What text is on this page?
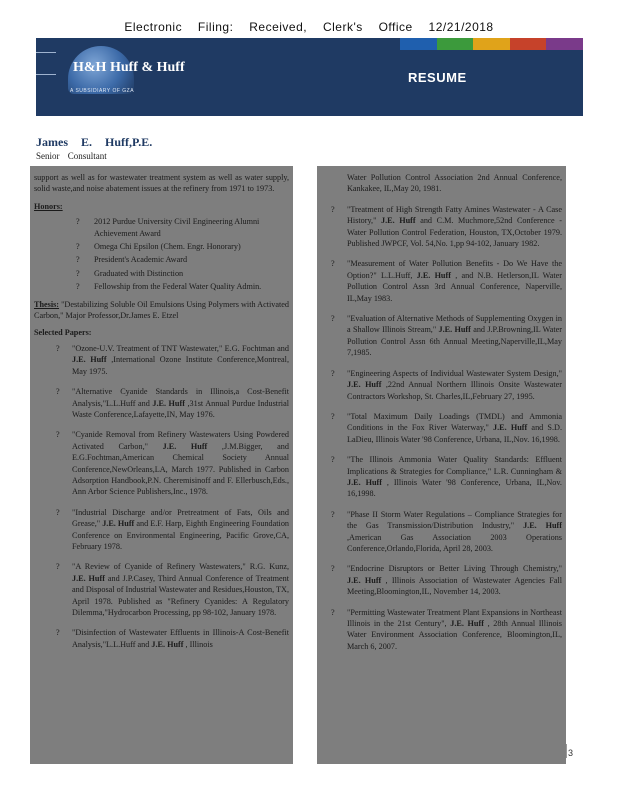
Electronic Filing: Received, Clerk's Office 12/21/2018
H&H Huff & Huff
A SUBSIDIARY OF GZA
RESUME
James E. Huff,P.E.
Senior Consultant

support as well as for wastewater treatment system as well as water supply, solid waste,and noise abatement issues at the refinery from 1971 to 1973.

Honors:
? 2012 Purdue University Civil Engineering Alumni Achievement Award
? Omega Chi Epsilon (Chem. Engr. Honorary)
? President's Academic Award
? Graduated with Distinction
? Fellowship from the Federal Water Quality Admin.

Thesis: "Destabilizing Soluble Oil Emulsions Using Polymers with Activated Carbon," Major Professor,Dr.James E. Etzel

Selected Papers:
? "Ozone-U.V. Treatment of TNT Wastewater," E.G. Fochtman and J.E. Huff ,International Ozone Institute Conference,Montreal, May 1975.
? "Alternative Cyanide Standards in Illinois,a Cost-Benefit Analysis,"L.L.Huff and J.E. Huff ,31st Annual Purdue Industrial Waste Conference,Lafayette,IN, May 1976.
? "Cyanide Removal from Refinery Wastewaters Using Powdered Activated Carbon," J.E. Huff ,J.M.Bigger, and E.G.Fochtman,American Chemical Society Annual Conference,NewOrleans,LA, March 1977. Published in Carbon Adsorption Handbook,P.N. Cheremisinoff and F. Ellerbusch,Eds., Ann Arbor Science Publishers,Inc., 1978.
? "Industrial Discharge and/or Pretreatment of Fats, Oils and Grease," J.E. Huff and E.F. Harp, Eighth Engineering Foundation Conference on Environmental Engineering, Pacific Grove,CA, February 1978.
? "A Review of Cyanide of Refinery Wastewaters," R.G. Kunz, J.E. Huff and J.P.Casey, Third Annual Conference of Treatment and Disposal of Industrial Wastewater and Residues,Houston, TX, April 1978. Published as "Refinery Cyanides: A Regulatory Dilemma,"Hydrocarbon Processing, pp 98-102, January 1978.
? "Disinfection of Wastewater Effluents in Illinois-A Cost-Benefit Analysis,"L.L.Huff and J.E. Huff , Illinois

Water Pollution Control Association 2nd Annual Conference, Kankakee, IL,May 20, 1981.

? "Treatment of High Strength Fatty Amines Wastewater - A Case History," J.E. Huff and C.M. Muchmore,52nd Conference - Water Pollution Control Federation, Houston, TX,October 1979. Published JWPCF, Vol. 54,No. 1,pp 94-102, January 1982.
? "Measurement of Water Pollution Benefits - Do We Have the Option?" L.L.Huff, J.E. Huff , and N.B. Hetlerson,IL Water Pollution Control Assn 3rd Annual Conference, Naperville, IL,May 1983.
? "Evaluation of Alternative Methods of Supplementing Oxygen in a Shallow Illinois Stream," J.E. Huff and J.P.Browning,IL Water Pollution Control Assn 6th Annual Meeting,Naperville,IL,May 7,1985.
? "Engineering Aspects of Individual Wastewater System Design," J.E. Huff ,22nd Annual Northern Illinois Onsite Wastewater Contractors Workshop, St. Charles,IL,February 27, 1995.
? "Total Maximum Daily Loadings (TMDL) and Ammonia Conditions in the Fox River Waterway," J.E. Huff and S.D. LaDieu, Illinois Water '98 Conference, Urbana, IL,Nov. 16,1998.
? "The Illinois Ammonia Water Quality Standards: Effluent Implications & Strategies for Compliance," L.R. Cunningham & J.E. Huff , Illinois Water '98 Conference, Urbana, IL,Nov. 16,1998.
? "Phase II Storm Water Regulations – Compliance Strategies for the Gas Transmission/Distribution Industry," J.E. Huff ,American Gas Association 2003 Operations Conference,Orlando,Florida, April 28, 2003.
? "Endocrine Disruptors or Better Living Through Chemistry," J.E. Huff , Illinois Association of Wastewater Agencies Fall Meeting,Bloomington,IL, November 14, 2003.
? "Permitting Wastewater Treatment Plant Expansions in Northeast Illinois in the 21st Century", J.E. Huff , 28th Annual Illinois Water Environment Association Conference, Bloomington,IL, March 6, 2007.
3
